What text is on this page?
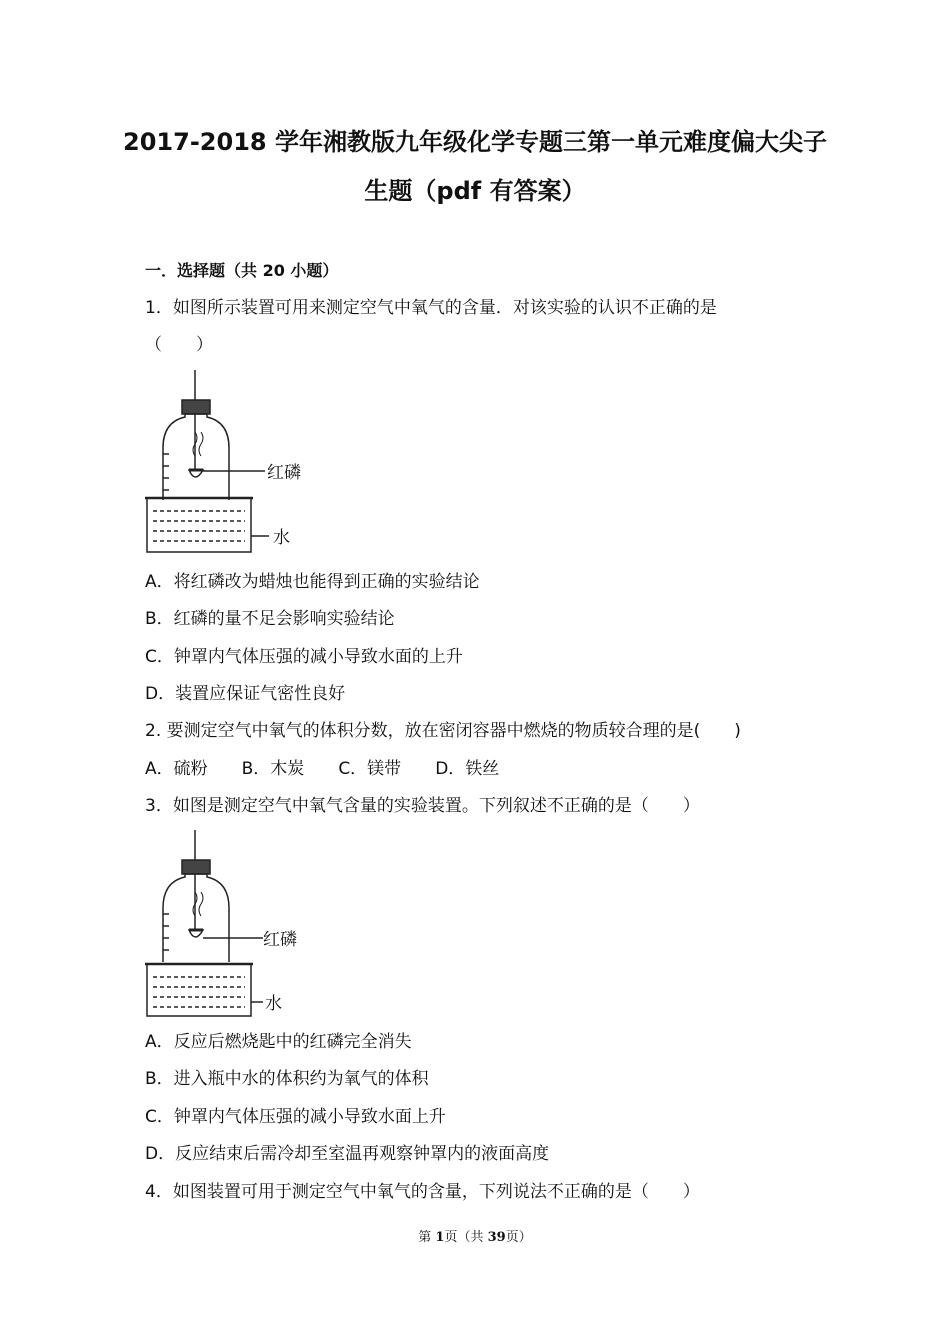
2017-2018 学年湘教版九年级化学专题三第一单元难度偏大尖子
生题（pdf 有答案）
一．选择题（共 20 小题）
1．如图所示装置可用来测定空气中氧气的含量．对该实验的认识不正确的是
（　　）
红磷
水
A．将红磷改为蜡烛也能得到正确的实验结论
B．红磷的量不足会影响实验结论
C．钟罩内气体压强的减小导致水面的上升
D．装置应保证气密性良好
2. 要测定空气中氧气的体积分数，放在密闭容器中燃烧的物质较合理的是(　　)
A．硫粉 B．木炭 C．镁带 D．铁丝
3．如图是测定空气中氧气含量的实验装置。下列叙述不正确的是（　　）
红磷
水
A．反应后燃烧匙中的红磷完全消失
B．进入瓶中水的体积约为氧气的体积
C．钟罩内气体压强的减小导致水面上升
D．反应结束后需冷却至室温再观察钟罩内的液面高度
4．如图装置可用于测定空气中氧气的含量，下列说法不正确的是（　　）
第 1页（共 39页）
